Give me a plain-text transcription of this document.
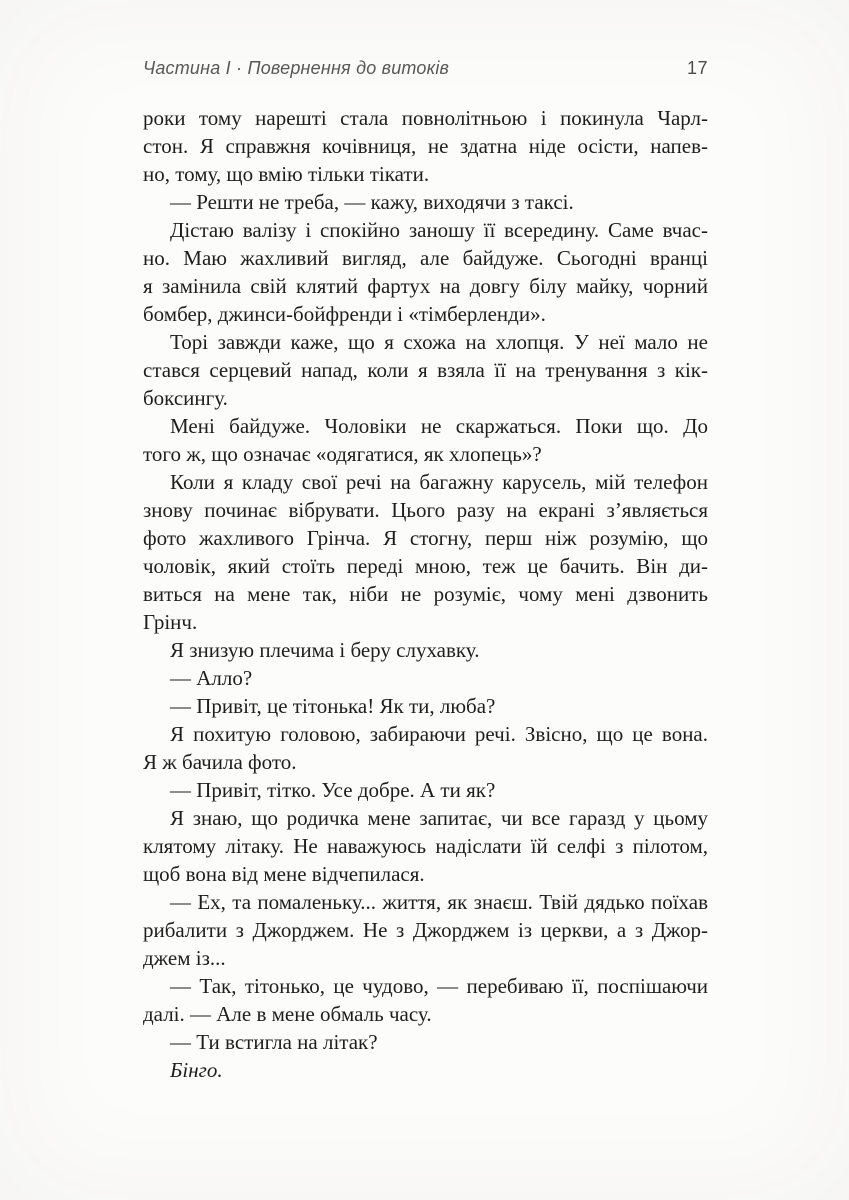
Частина I · Повернення до витоків	17
роки тому нарешті стала повнолітньою і покинула Чарл-
стон. Я справжня кочівниця, не здатна ніде осісти, напев-
но, тому, що вмію тільки тікати.
— Решти не треба, — кажу, виходячи з таксі.
Дістаю валізу і спокійно заношу її всередину. Саме вчас-
но. Маю жахливий вигляд, але байдуже. Сьогодні вранці
я замінила свій клятий фартух на довгу білу майку, чорний
бомбер, джинси-бойфренди і «тімберленди».
Торі завжди каже, що я схожа на хлопця. У неї мало не
стався серцевий напад, коли я взяла її на тренування з кік-
боксингу.
Мені байдуже. Чоловіки не скаржаться. Поки що. До
того ж, що означає «одягатися, як хлопець»?
Коли я кладу свої речі на багажну карусель, мій телефон
знову починає вібрувати. Цього разу на екрані з’являється
фото жахливого Грінча. Я стогну, перш ніж розумію, що
чоловік, який стоїть переді мною, теж це бачить. Він ди-
виться на мене так, ніби не розуміє, чому мені дзвонить
Грінч.
Я знизую плечима і беру слухавку.
— Алло?
— Привіт, це тітонька! Як ти, люба?
Я похитую головою, забираючи речі. Звісно, що це вона.
Я ж бачила фото.
— Привіт, тітко. Усе добре. А ти як?
Я знаю, що родичка мене запитає, чи все гаразд у цьому
клятому літаку. Не наважуюсь надіслати їй селфі з пілотом,
щоб вона від мене відчепилася.
— Ех, та помаленьку... життя, як знаєш. Твій дядько поїхав
рибалити з Джорджем. Не з Джорджем із церкви, а з Джор-
джем із...
— Так, тітонько, це чудово, — перебиваю її, поспішаючи
далі. — Але в мене обмаль часу.
— Ти встигла на літак?
Бінго.
